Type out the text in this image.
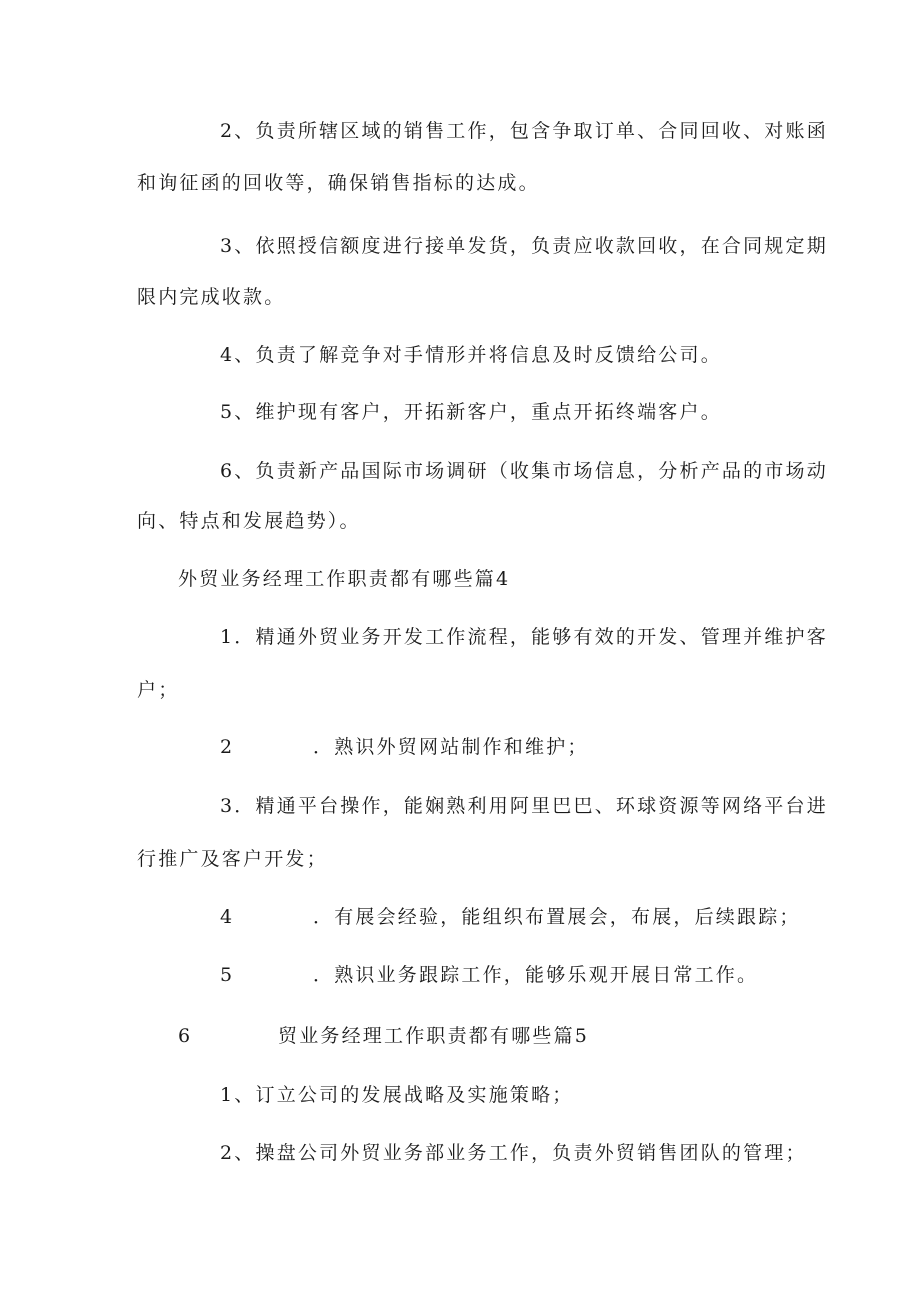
2、负责所辖区域的销售工作，包含争取订单、合同回收、对账函
和询征函的回收等，确保销售指标的达成。
3、依照授信额度进行接单发货，负责应收款回收，在合同规定期
限内完成收款。
4、负责了解竞争对手情形并将信息及时反馈给公司。
5、维护现有客户，开拓新客户，重点开拓终端客户。
6、负责新产品国际市场调研（收集市场信息，分析产品的市场动
向、特点和发展趋势）。
外贸业务经理工作职责都有哪些篇4
1．精通外贸业务开发工作流程，能够有效的开发、管理并维护客
户；
2	．熟识外贸网站制作和维护；
3．精通平台操作，能娴熟利用阿里巴巴、环球资源等网络平台进
行推广及客户开发；
4	．有展会经验，能组织布置展会，布展，后续跟踪；
5	．熟识业务跟踪工作，能够乐观开展日常工作。
6	贸业务经理工作职责都有哪些篇5
1、订立公司的发展战略及实施策略；
2、操盘公司外贸业务部业务工作，负责外贸销售团队的管理；
